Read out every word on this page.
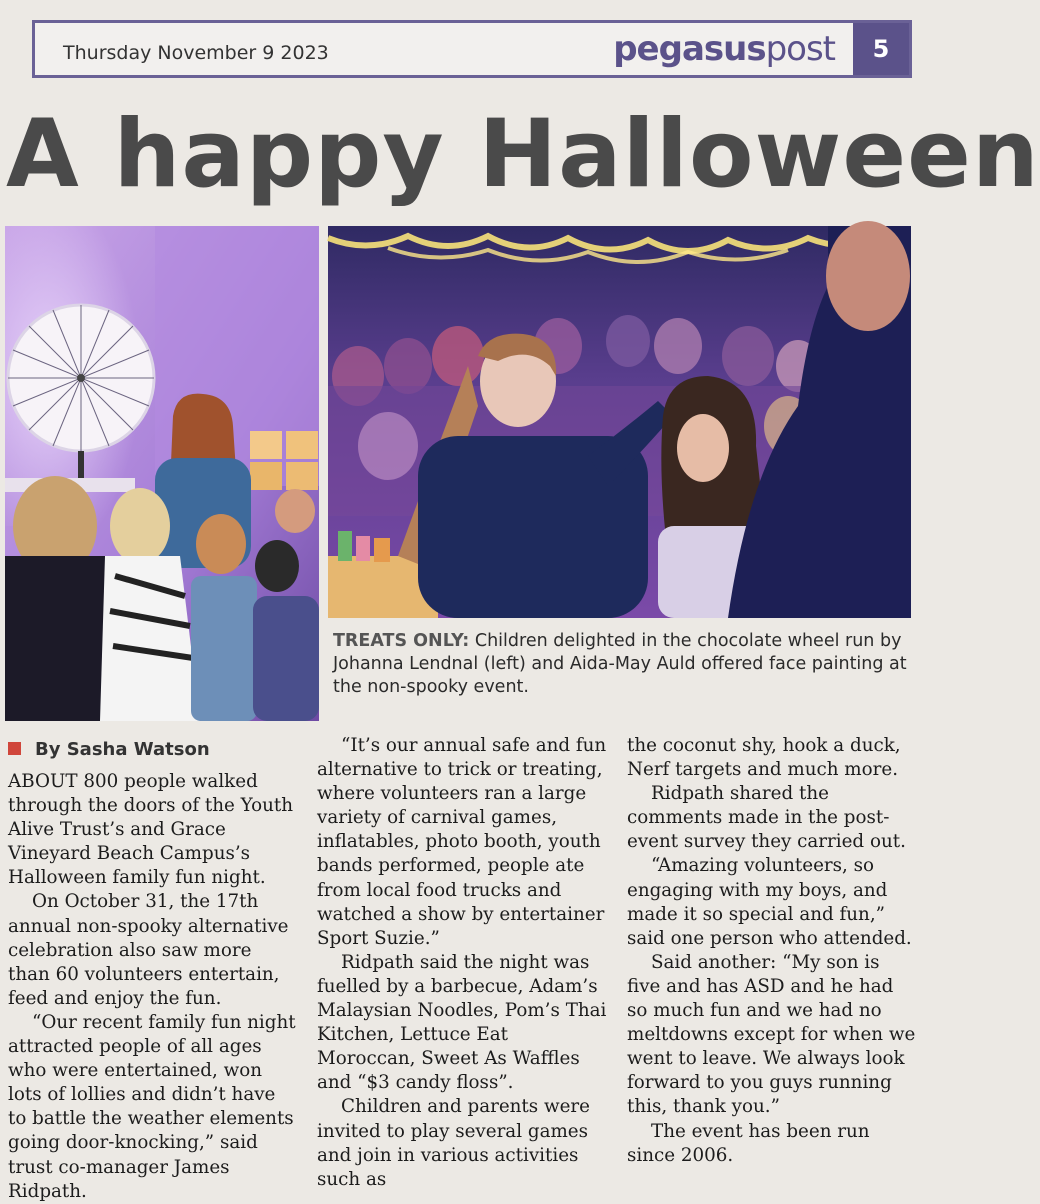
Thursday November 9 2023	pegasuspost	5
A happy Halloween
TREATS ONLY: Children delighted in the chocolate wheel run by Johanna Lendnal (left) and Aida-May Auld offered face painting at the non-spooky event.
By Sasha Watson

ABOUT 800 people walked through the doors of the Youth Alive Trust’s and Grace Vineyard Beach Campus’s Halloween family fun night.

On October 31, the 17th annual non-spooky alternative celebration also saw more than 60 volunteers entertain, feed and enjoy the fun.

“Our recent family fun night attracted people of all ages who were entertained, won lots of lollies and didn’t have to battle the weather elements going door-knocking,” said trust co-manager James Ridpath.

“It’s our annual safe and fun alternative to trick or treating, where volunteers ran a large variety of carnival games, inflatables, photo booth, youth bands performed, people ate from local food trucks and watched a show by entertainer Sport Suzie.”

Ridpath said the night was fuelled by a barbecue, Adam’s Malaysian Noodles, Pom’s Thai Kitchen, Lettuce Eat Moroccan, Sweet As Waffles and “$3 candy floss”.

Children and parents were invited to play several games and join in various activities such as

the coconut shy, hook a duck, Nerf targets and much more.

Ridpath shared the comments made in the post-event survey they carried out.

“Amazing volunteers, so engaging with my boys, and made it so special and fun,” said one person who attended.

Said another: “My son is five and has ASD and he had so much fun and we had no meltdowns except for when we went to leave. We always look forward to you guys running this, thank you.”

The event has been run since 2006.
